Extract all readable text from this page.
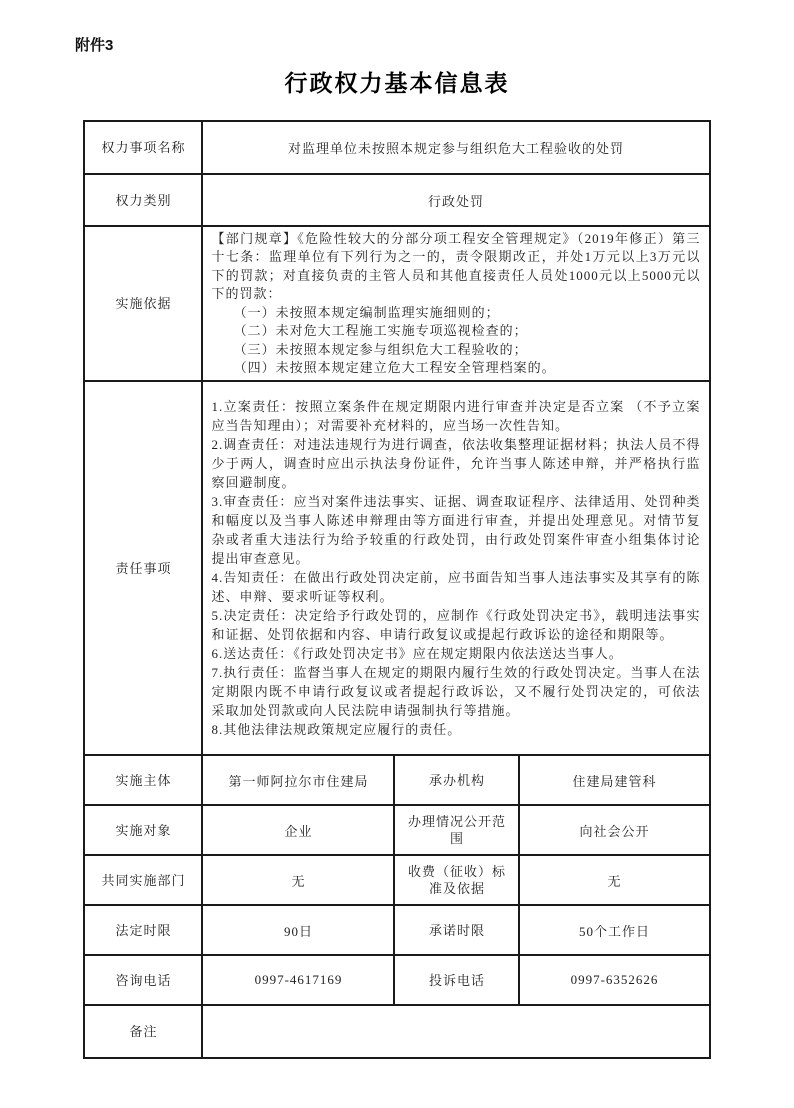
附件3
行政权力基本信息表
权力事项名称	对监理单位未按照本规定参与组织危大工程验收的处罚		
权力类别	行政处罚		
实施依据	【部门规章】《危险性较大的分部分项工程安全管理规定》（2019年修正）第三十七条：监理单位有下列行为之一的，责令限期改正，并处1万元以上3万元以下的罚款；对直接负责的主管人员和其他直接责任人员处1000元以上5000元以下的罚款：
（一）未按照本规定编制监理实施细则的；
（二）未对危大工程施工实施专项巡视检查的；
（三）未按照本规定参与组织危大工程验收的；
（四）未按照本规定建立危大工程安全管理档案的。		

责任事项	
1.立案责任：按照立案条件在规定期限内进行审查并决定是否立案 （不予立案应当告知理由）；对需要补充材料的，应当场一次性告知。
2.调查责任：对违法违规行为进行调查，依法收集整理证据材料；执法人员不得少于两人，调查时应出示执法身份证件，允许当事人陈述申辩，并严格执行监察回避制度。
3.审查责任：应当对案件违法事实、证据、调查取证程序、法律适用、处罚种类和幅度以及当事人陈述申辩理由等方面进行审查，并提出处理意见。对情节复杂或者重大违法行为给予较重的行政处罚，由行政处罚案件审查小组集体讨论提出审查意见。
4.告知责任：在做出行政处罚决定前，应书面告知当事人违法事实及其享有的陈述、申辩、要求听证等权利。
5.决定责任：决定给予行政处罚的，应制作《行政处罚决定书》，载明违法事实和证据、处罚依据和内容、申请行政复议或提起行政诉讼的途径和期限等。
6.送达责任：《行政处罚决定书》应在规定期限内依法送达当事人。
7.执行责任：监督当事人在规定的期限内履行生效的行政处罚决定。当事人在法定期限内既不申请行政复议或者提起行政诉讼，又不履行处罚决定的，可依法采取加处罚款或向人民法院申请强制执行等措施。
8.其他法律法规政策规定应履行的责任。

实施主体	第一师阿拉尔市住建局	承办机构	住建局建管科
实施对象	企业	办理情况公开范围	向社会公开
共同实施部门	无	收费（征收）标准及依据	无
法定时限	90日	承诺时限	50个工作日
咨询电话	0997-4617169	投诉电话	0997-6352626
备注			
